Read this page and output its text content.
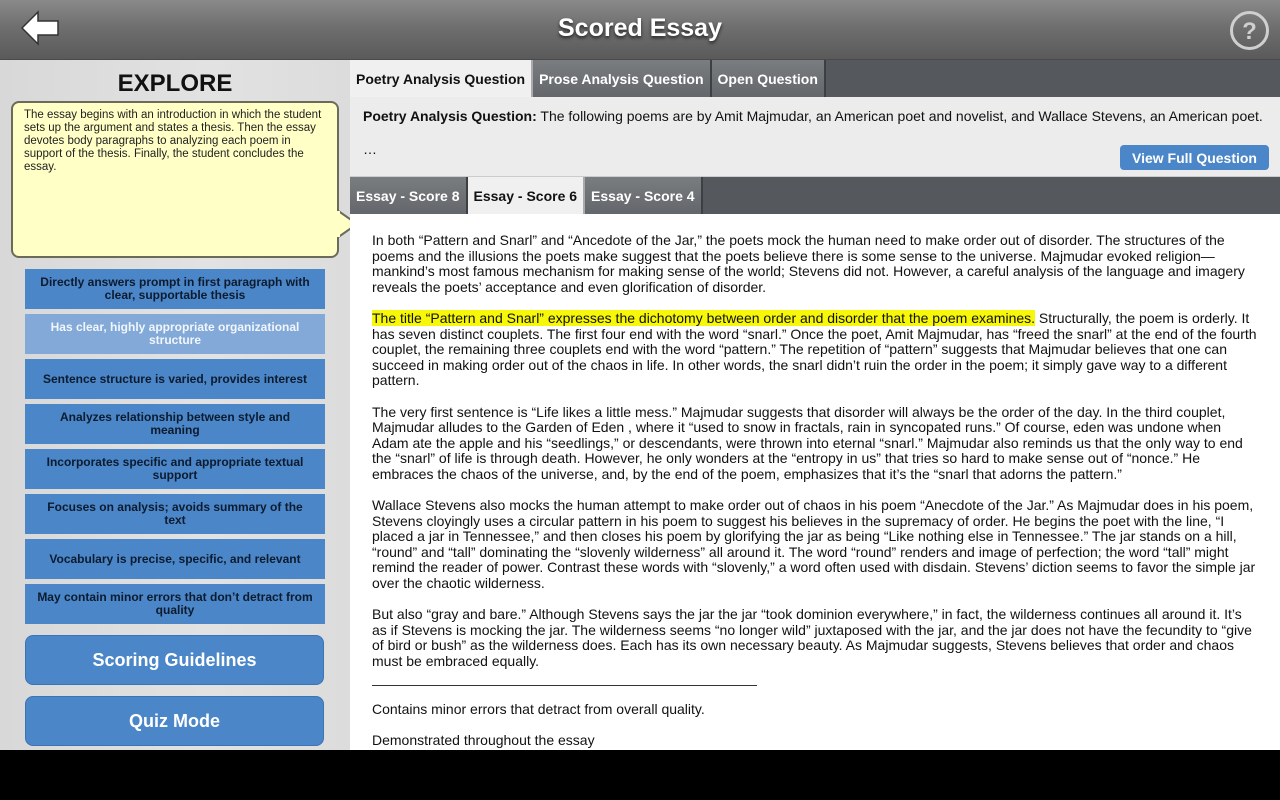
Scored Essay	?
EXPLORE
The essay begins with an introduction in which the student sets up the argument and states a thesis. Then the essay devotes body paragraphs to analyzing each poem in support of the thesis. Finally, the student concludes the essay.
Directly answers prompt in first paragraph with clear, supportable thesis
Has clear, highly appropriate organizational structure
Sentence structure is varied, provides interest
Analyzes relationship between style and meaning
Incorporates specific and appropriate textual support
Focuses on analysis; avoids summary of the text
Vocabulary is precise, specific, and relevant
May contain minor errors that don’t detract from quality
Scoring Guidelines
Quiz Mode
Poetry Analysis Question	Prose Analysis Question	Open Question
Poetry Analysis Question: The following poems are by Amit Majmudar, an American poet and novelist, and Wallace Stevens, an American poet.
…
View Full Question
Essay - Score 8	Essay - Score 6	Essay - Score 4

In both “Pattern and Snarl” and “Ancedote of the Jar,” the poets mock the human need to make order out of disorder. The structures of the poems and the illusions the poets make suggest that the poets believe there is some sense to the universe. Majmudar evoked religion—mankind’s most famous mechanism for making sense of the world; Stevens did not. However, a careful analysis of the language and imagery reveals the poets’ acceptance and even glorification of disorder.

The title “Pattern and Snarl” expresses the dichotomy between order and disorder that the poem examines. Structurally, the poem is orderly. It has seven distinct couplets. The first four end with the word “snarl.” Once the poet, Amit Majmudar, has “freed the snarl” at the end of the fourth couplet, the remaining three couplets end with the word “pattern.” The repetition of “pattern” suggests that Majmudar believes that one can succeed in making order out of the chaos in life. In other words, the snarl didn’t ruin the order in the poem; it simply gave way to a different pattern.

The very first sentence is “Life likes a little mess.” Majmudar suggests that disorder will always be the order of the day. In the third couplet, Majmudar alludes to the Garden of Eden , where it “used to snow in fractals, rain in syncopated runs.” Of course, eden was undone when Adam ate the apple and his “seedlings,” or descendants, were thrown into eternal “snarl.” Majmudar also reminds us that the only way to end the “snarl” of life is through death. However, he only wonders at the “entropy in us” that tries so hard to make sense out of “nonce.” He embraces the chaos of the universe, and, by the end of the poem, emphasizes that it’s the “snarl that adorns the pattern.”

Wallace Stevens also mocks the human attempt to make order out of chaos in his poem “Anecdote of the Jar.” As Majmudar does in his poem, Stevens cloyingly uses a circular pattern in his poem to suggest his believes in the supremacy of order. He begins the poet with the line, “I placed a jar in Tennessee,” and then closes his poem by glorifying the jar as being “Like nothing else in Tennessee.” The jar stands on a hill, “round” and “tall” dominating the “slovenly wilderness” all around it. The word “round” renders and image of perfection; the word “tall” might remind the reader of power. Contrast these words with “slovenly,” a word often used with disdain. Stevens’ diction seems to favor the simple jar over the chaotic wilderness.

But also “gray and bare.” Although Stevens says the jar the jar “took dominion everywhere,” in fact, the wilderness continues all around it. It’s as if Stevens is mocking the jar. The wilderness seems “no longer wild” juxtaposed with the jar, and the jar does not have the fecundity to “give of bird or bush” as the wilderness does. Each has its own necessary beauty. As Majmudar suggests, Stevens believes that order and chaos must be embraced equally.

Contains minor errors that detract from overall quality.

Demonstrated throughout the essay
